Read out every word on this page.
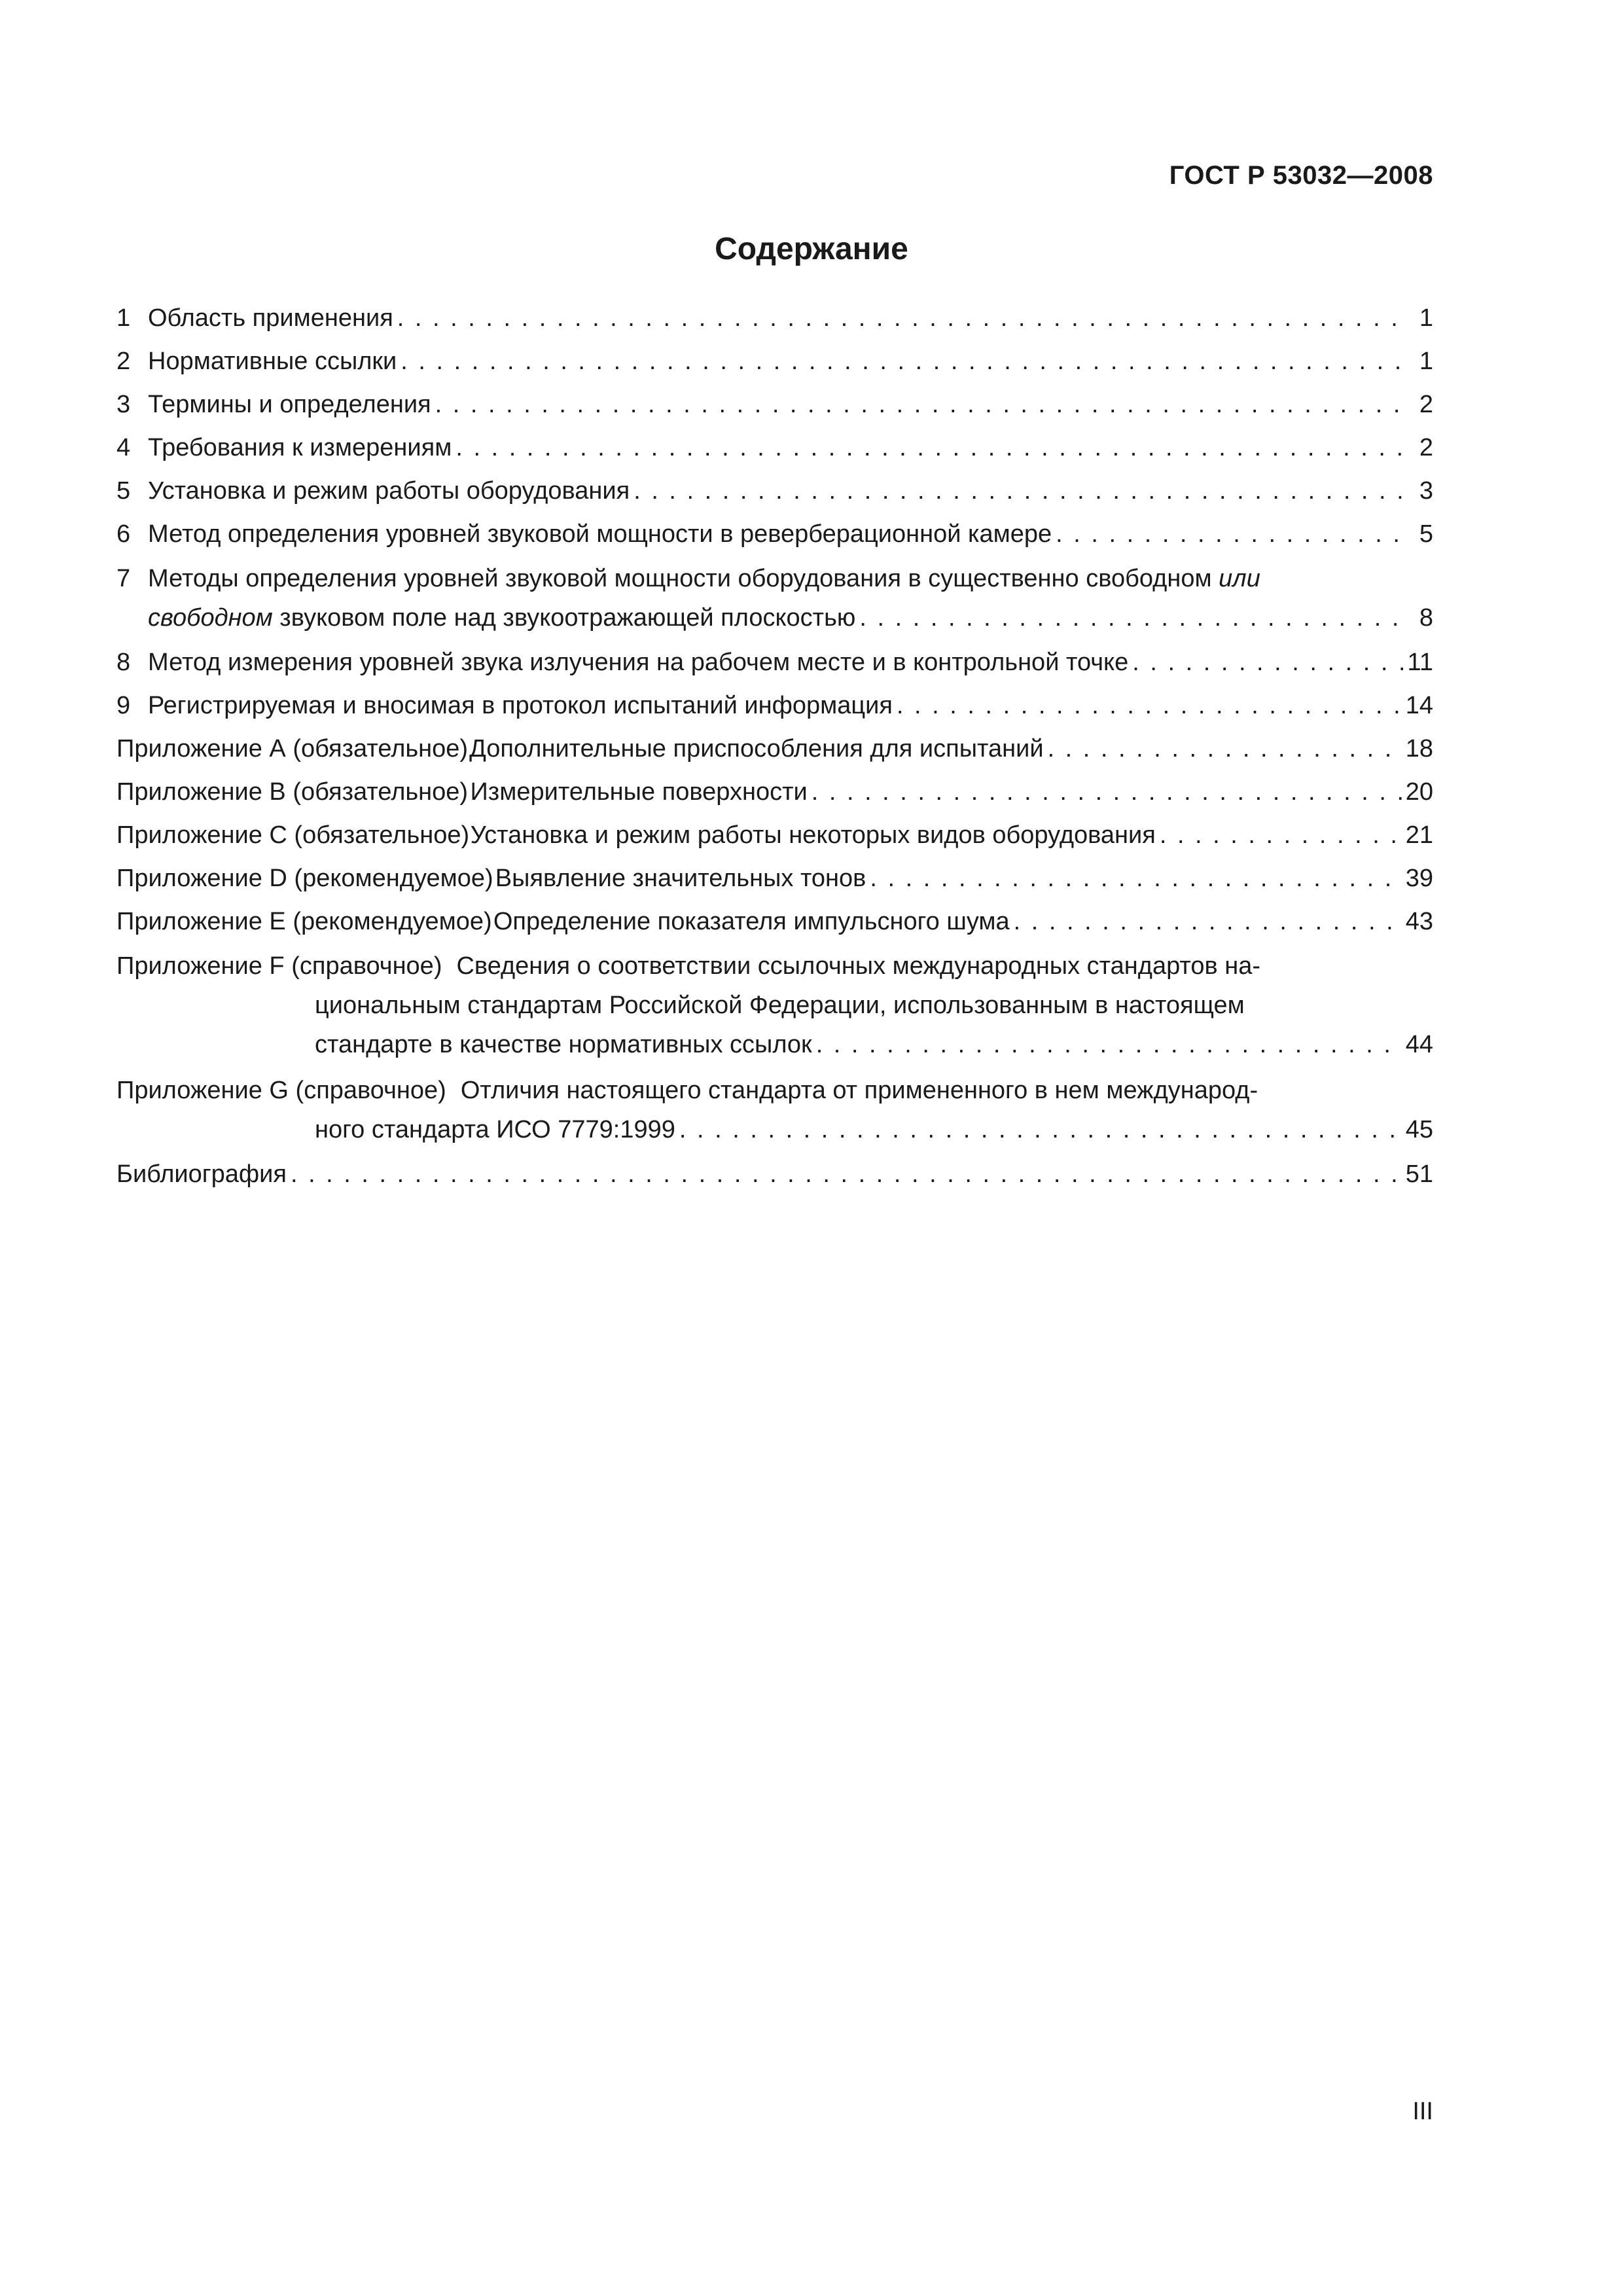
ГОСТ Р 53032—2008
Содержание
1 Область применения . . .	1
2 Нормативные ссылки . . .	1
3 Термины и определения . . .	2
4 Требования к измерениям . . .	2
5 Установка и режим работы оборудования . . .	3
6 Метод определения уровней звуковой мощности в реверберационной камере . . .	5
7 Методы определения уровней звуковой мощности оборудования в существенно свободном или
свободном звуковом поле над звукоотражающей плоскостью . . .	8
8 Метод измерения уровней звука излучения на рабочем месте и в контрольной точке . . .	11
9 Регистрируемая и вносимая в протокол испытаний информация . . .	14
Приложение А (обязательное) Дополнительные приспособления для испытаний . . .	18
Приложение В (обязательное) Измерительные поверхности . . .	20
Приложение С (обязательное) Установка и режим работы некоторых видов оборудования . . .	21
Приложение D (рекомендуемое) Выявление значительных тонов . . .	39
Приложение Е (рекомендуемое) Определение показателя импульсного шума . . .	43
Приложение F (справочное) Сведения о соответствии ссылочных международных стандартов на-
циональным стандартам Российской Федерации, использованным в настоящем
стандарте в качестве нормативных ссылок . . .	44
Приложение G (справочное) Отличия настоящего стандарта от примененного в нем международ-
ного стандарта ИСО 7779:1999 . . .	45
Библиография . . .	51
III
